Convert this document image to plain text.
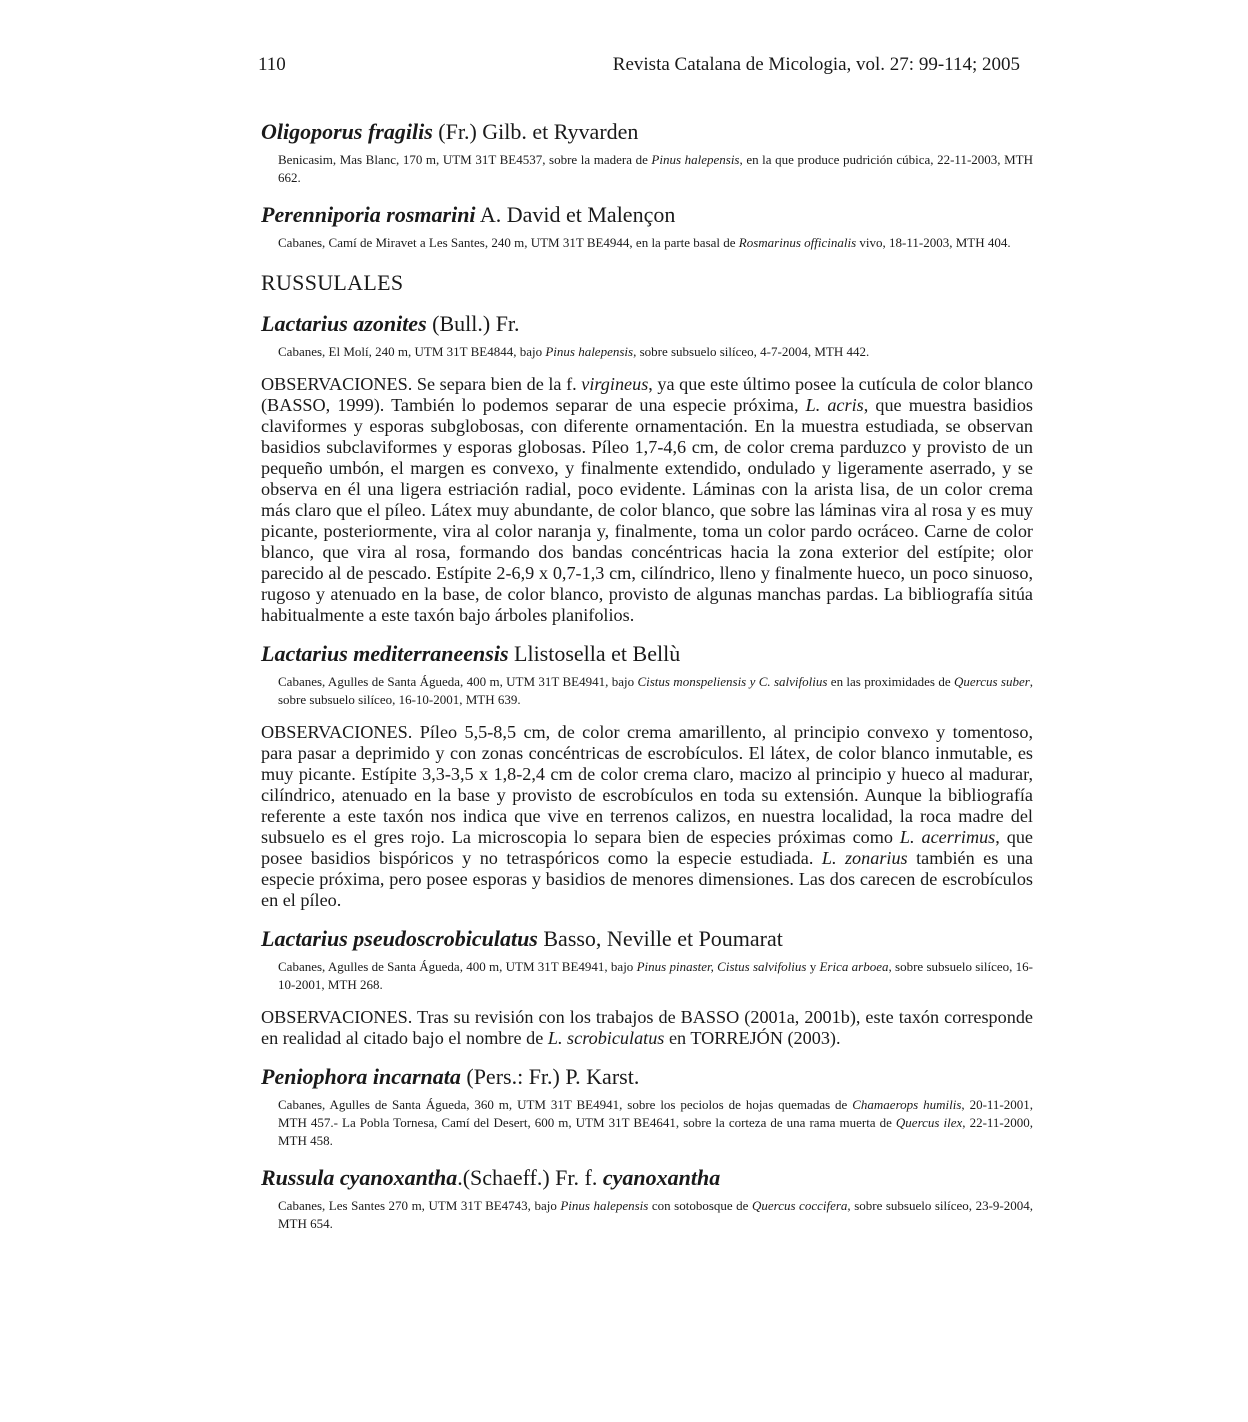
110	Revista Catalana de Micologia, vol. 27: 99-114; 2005

Oligoporus fragilis (Fr.) Gilb. et Ryvarden

Benicasim, Mas Blanc, 170 m, UTM 31T BE4537, sobre la madera de Pinus halepensis, en la que produce pudrición cúbica, 22-11-2003, MTH 662.

Perenniporia rosmarini A. David et Malençon

Cabanes, Camí de Miravet a Les Santes, 240 m, UTM 31T BE4944, en la parte basal de Rosmarinus officinalis vivo, 18-11-2003, MTH 404.

RUSSULALES

Lactarius azonites (Bull.) Fr.

Cabanes, El Molí, 240 m, UTM 31T BE4844, bajo Pinus halepensis, sobre subsuelo silíceo, 4-7-2004, MTH 442.

OBSERVACIONES. Se separa bien de la f. virgineus, ya que este último posee la cutícula de color blanco (BASSO, 1999). También lo podemos separar de una especie próxima, L. acris, que muestra basidios claviformes y esporas subglobosas, con diferente ornamentación. En la muestra estudiada, se observan basidios subclaviformes y esporas globosas. Píleo 1,7-4,6 cm, de color crema parduzco y provisto de un pequeño umbón, el margen es convexo, y finalmente extendido, ondulado y ligeramente aserrado, y se observa en él una ligera estriación radial, poco evidente. Láminas con la arista lisa, de un color crema más claro que el píleo. Látex muy abundante, de color blanco, que sobre las láminas vira al rosa y es muy picante, posteriormente, vira al color naranja y, finalmente, toma un color pardo ocráceo. Carne de color blanco, que vira al rosa, formando dos bandas concéntricas hacia la zona exterior del estípite; olor parecido al de pescado. Estípite 2-6,9 x 0,7-1,3 cm, cilíndrico, lleno y finalmente hueco, un poco sinuoso, rugoso y atenuado en la base, de color blanco, provisto de algunas manchas pardas. La bibliografía sitúa habitualmente a este taxón bajo árboles planifolios.

Lactarius mediterraneensis Llistosella et Bellù

Cabanes, Agulles de Santa Águeda, 400 m, UTM 31T BE4941, bajo Cistus monspeliensis y C. salvifolius en las proximidades de Quercus suber, sobre subsuelo silíceo, 16-10-2001, MTH 639.

OBSERVACIONES. Píleo 5,5-8,5 cm, de color crema amarillento, al principio convexo y tomentoso, para pasar a deprimido y con zonas concéntricas de escrobículos. El látex, de color blanco inmutable, es muy picante. Estípite 3,3-3,5 x 1,8-2,4 cm de color crema claro, macizo al principio y hueco al madurar, cilíndrico, atenuado en la base y provisto de escrobículos en toda su extensión. Aunque la bibliografía referente a este taxón nos indica que vive en terrenos calizos, en nuestra localidad, la roca madre del subsuelo es el gres rojo. La microscopia lo separa bien de especies próximas como L. acerrimus, que posee basidios bispóricos y no tetraspóricos como la especie estudiada. L. zonarius también es una especie próxima, pero posee esporas y basidios de menores dimensiones. Las dos carecen de escrobículos en el píleo.

Lactarius pseudoscrobiculatus Basso, Neville et Poumarat

Cabanes, Agulles de Santa Águeda, 400 m, UTM 31T BE4941, bajo Pinus pinaster, Cistus salvifolius y Erica arboea, sobre subsuelo silíceo, 16-10-2001, MTH 268.

OBSERVACIONES. Tras su revisión con los trabajos de BASSO (2001a, 2001b), este taxón corresponde en realidad al citado bajo el nombre de L. scrobiculatus en TORREJÓN (2003).

Peniophora incarnata (Pers.: Fr.) P. Karst.

Cabanes, Agulles de Santa Águeda, 360 m, UTM 31T BE4941, sobre los peciolos de hojas quemadas de Chamaerops humilis, 20-11-2001, MTH 457.- La Pobla Tornesa, Camí del Desert, 600 m, UTM 31T BE4641, sobre la corteza de una rama muerta de Quercus ilex, 22-11-2000, MTH 458.

Russula cyanoxantha.(Schaeff.) Fr. f. cyanoxantha

Cabanes, Les Santes 270 m, UTM 31T BE4743, bajo Pinus halepensis con sotobosque de Quercus coccifera, sobre subsuelo silíceo, 23-9-2004, MTH 654.
